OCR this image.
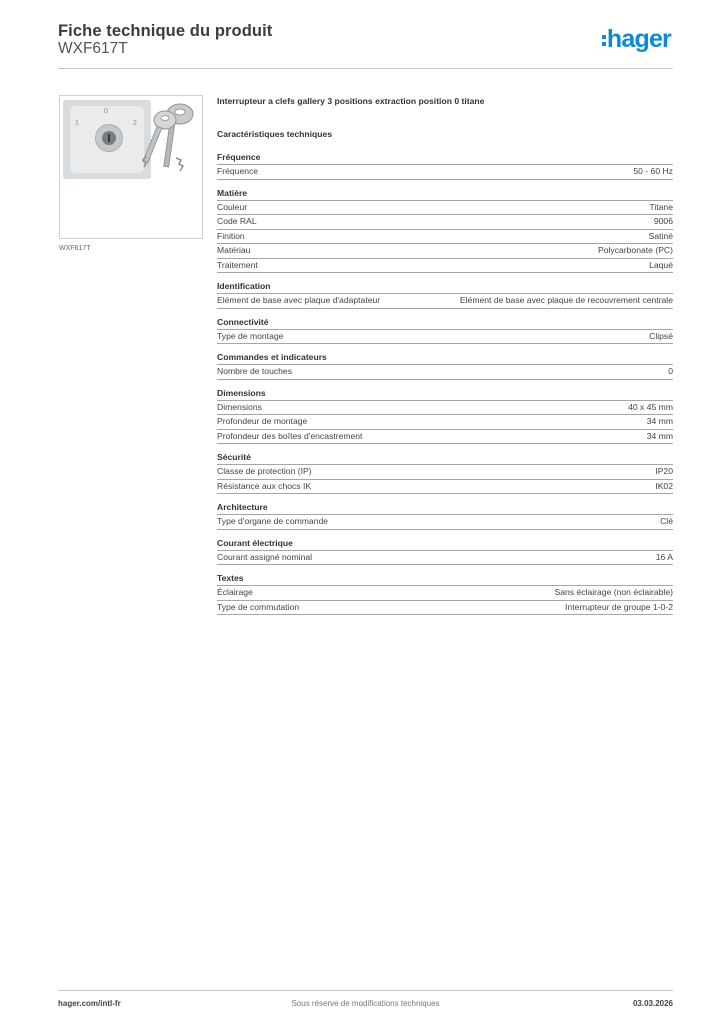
Fiche technique du produit
WXF617T	hager
0
1	2
WXF617T
Interrupteur a clefs gallery 3 positions extraction position 0 titane
Caractéristiques techniques
Fréquence
Fréquence	50 - 60 Hz
Matière
Couleur	Titane
Code RAL	9006
Finition	Satiné
Matériau	Polycarbonate (PC)
Traitement	Laqué
Identification
Elément de base avec plaque d'adaptateur	Elément de base avec plaque de recouvrement centrale
Connectivité
Type de montage	Clipsé
Commandes et indicateurs
Nombre de touches	0
Dimensions
Dimensions	40 x 45 mm
Profondeur de montage	34 mm
Profondeur des boîtes d'encastrement	34 mm
Sécurité
Classe de protection (IP)	IP20
Résistance aux chocs IK	IK02
Architecture
Type d'organe de commande	Clé
Courant électrique
Courant assigné nominal	16 A
Textes
Éclairage	Sans éclairage (non éclairable)
Type de commutation	Interrupteur de groupe 1-0-2
hager.com/intl-fr	Sous réserve de modifications techniques	03.03.2026
